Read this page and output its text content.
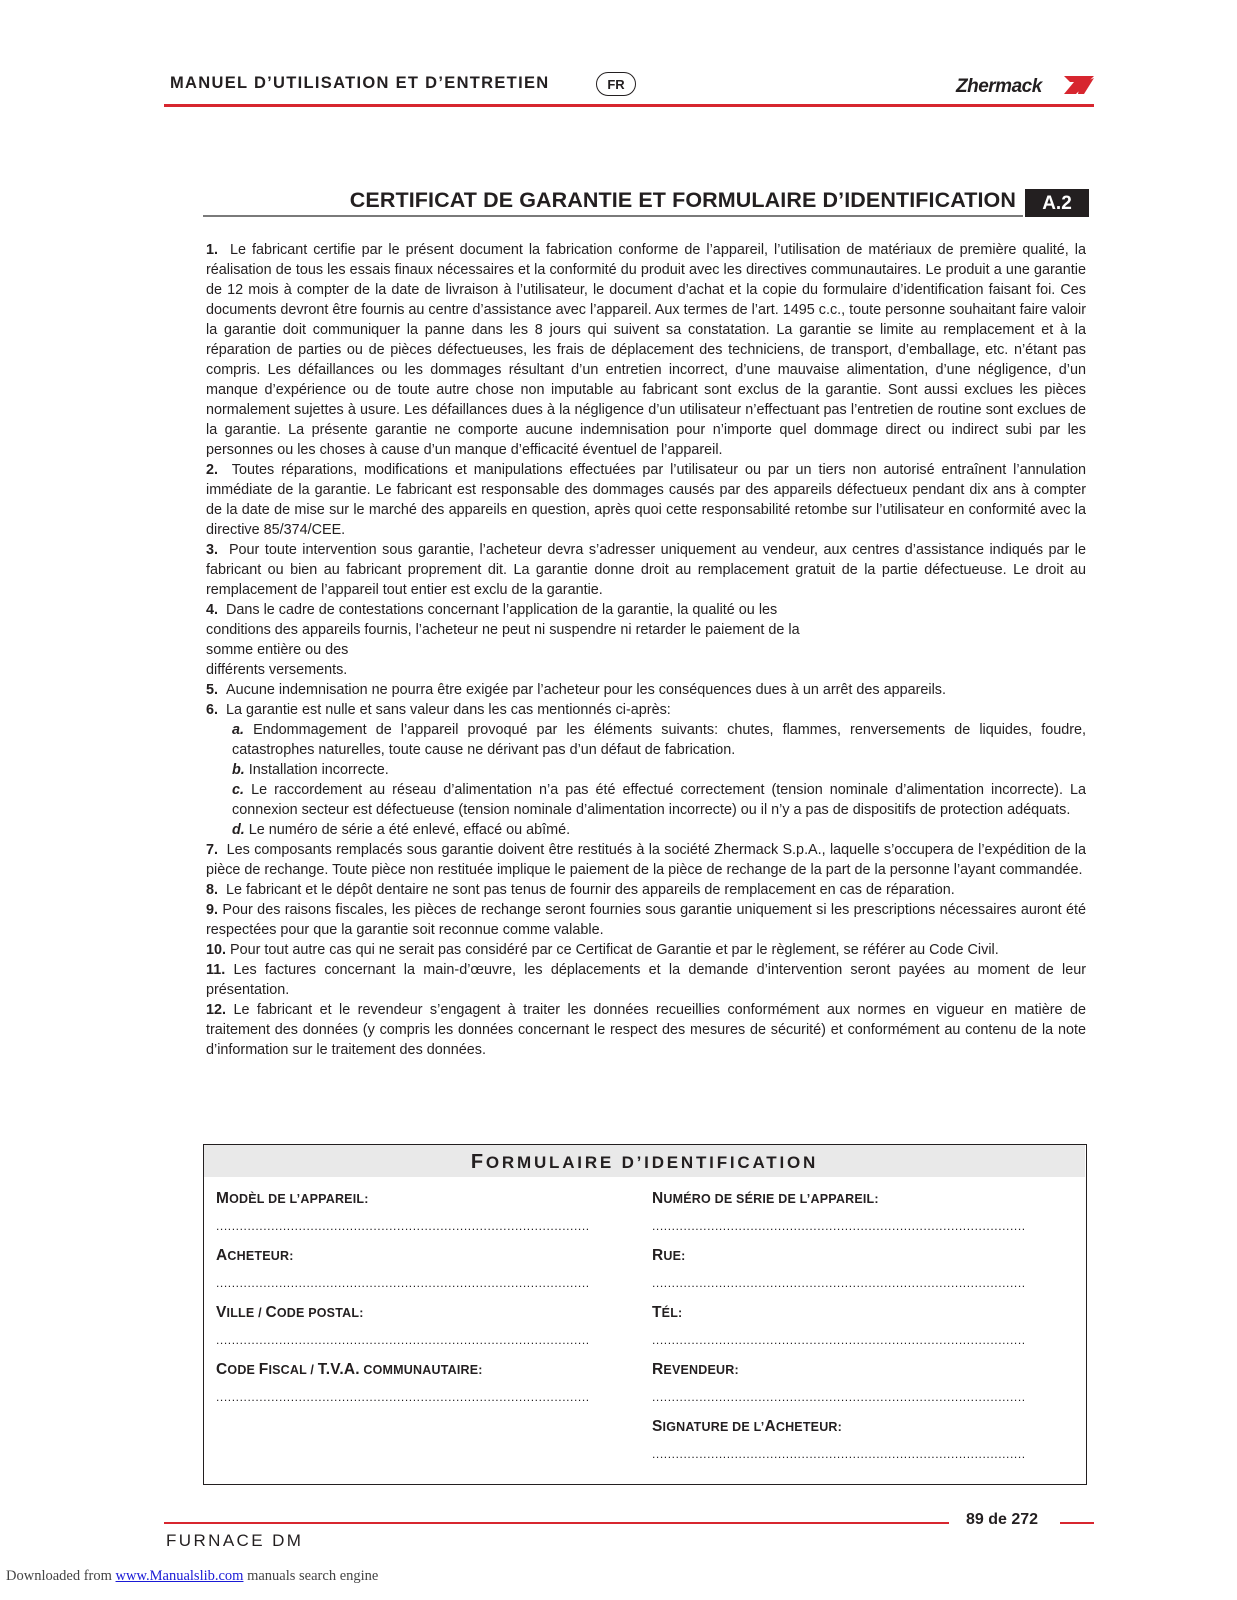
MANUEL D’UTILISATION ET D’ENTRETIEN	FR	Zhermack
CERTIFICAT DE GARANTIE ET FORMULAIRE D’IDENTIFICATION	A.2

1. Le fabricant certifie par le présent document la fabrication conforme de l’appareil, l’utilisation de matériaux de première qualité, la réalisation de tous les essais finaux nécessaires et la conformité du produit avec les directives communautaires. Le produit a une garantie de 12 mois à compter de la date de livraison à l’utilisateur, le document d’achat et la copie du formulaire d’identification faisant foi. Ces documents devront être fournis au centre d’assistance avec l’appareil. Aux termes de l’art. 1495 c.c., toute personne souhaitant faire valoir la garantie doit communiquer la panne dans les 8 jours qui suivent sa constatation. La garantie se limite au remplacement et à la réparation de parties ou de pièces défectueuses, les frais de déplacement des techniciens, de transport, d’emballage, etc. n’étant pas compris. Les défaillances ou les dommages résultant d’un entretien incorrect, d’une mauvaise alimentation, d’une négligence, d’un manque d’expérience ou de toute autre chose non imputable au fabricant sont exclus de la garantie. Sont aussi exclues les pièces normalement sujettes à usure. Les défaillances dues à la négligence d’un utilisateur n’effectuant pas l’entretien de routine sont exclues de la garantie. La présente garantie ne comporte aucune indemnisation pour n’importe quel dommage direct ou indirect subi par les personnes ou les choses à cause d’un manque d’efficacité éventuel de l’appareil.

2. Toutes réparations, modifications et manipulations effectuées par l’utilisateur ou par un tiers non autorisé entraînent l’annulation immédiate de la garantie. Le fabricant est responsable des dommages causés par des appareils défectueux pendant dix ans à compter de la date de mise sur le marché des appareils en question, après quoi cette responsabilité retombe sur l’utilisateur en conformité avec la directive 85/374/CEE.

3. Pour toute intervention sous garantie, l’acheteur devra s’adresser uniquement au vendeur, aux centres d’assistance indiqués par le fabricant ou bien au fabricant proprement dit. La garantie donne droit au remplacement gratuit de la partie défectueuse. Le droit au remplacement de l’appareil tout entier est exclu de la garantie.

4. Dans le cadre de contestations concernant l’application de la garantie, la qualité ou les conditions des appareils fournis, l’acheteur ne peut ni suspendre ni retarder le paiement de la somme entière ou des

différents versements.

5. Aucune indemnisation ne pourra être exigée par l’acheteur pour les conséquences dues à un arrêt des appareils.

6. La garantie est nulle et sans valeur dans les cas mentionnés ci-après:

a. Endommagement de l’appareil provoqué par les éléments suivants: chutes, flammes, renversements de liquides, foudre, catastrophes naturelles, toute cause ne dérivant pas d’un défaut de fabrication.

b. Installation incorrecte.

c. Le raccordement au réseau d’alimentation n’a pas été effectué correctement (tension nominale d’alimentation incorrecte). La connexion secteur est défectueuse (tension nominale d’alimentation incorrecte) ou il n’y a pas de dispositifs de protection adéquats.

d. Le numéro de série a été enlevé, effacé ou abîmé.

7. Les composants remplacés sous garantie doivent être restitués à la société Zhermack S.p.A., laquelle s’occupera de l’expédition de la pièce de rechange. Toute pièce non restituée implique le paiement de la pièce de rechange de la part de la personne l’ayant commandée.

8. Le fabricant et le dépôt dentaire ne sont pas tenus de fournir des appareils de remplacement en cas de réparation.

9. Pour des raisons fiscales, les pièces de rechange seront fournies sous garantie uniquement si les prescriptions nécessaires auront été respectées pour que la garantie soit reconnue comme valable.

10. Pour tout autre cas qui ne serait pas considéré par ce Certificat de Garantie et par le règlement, se référer au Code Civil.

11. Les factures concernant la main-d’œuvre, les déplacements et la demande d’intervention seront payées au moment de leur présentation.

12. Le fabricant et le revendeur s’engagent à traiter les données recueillies conformément aux normes en vigueur en matière de traitement des données (y compris les données concernant le respect des mesures de sécurité) et conformément au contenu de la note d’information sur le traitement des données.

FORMULAIRE D’IDENTIFICATION
MODÈL DE L’APPAREIL:
...............................................................................................
ACHETEUR:
...............................................................................................
VILLE / CODE POSTAL:
...............................................................................................
CODE FISCAL / T.V.A. COMMUNAUTAIRE:
...............................................................................................
NUMÉRO DE SÉRIE DE L’APPAREIL:
...............................................................................................
RUE:
...............................................................................................
TÉL:
...............................................................................................
REVENDEUR:
...............................................................................................
SIGNATURE DE L’ACHETEUR:
...............................................................................................
89 de 272
FURNACE DM
Downloaded from www.Manualslib.com manuals search engine
